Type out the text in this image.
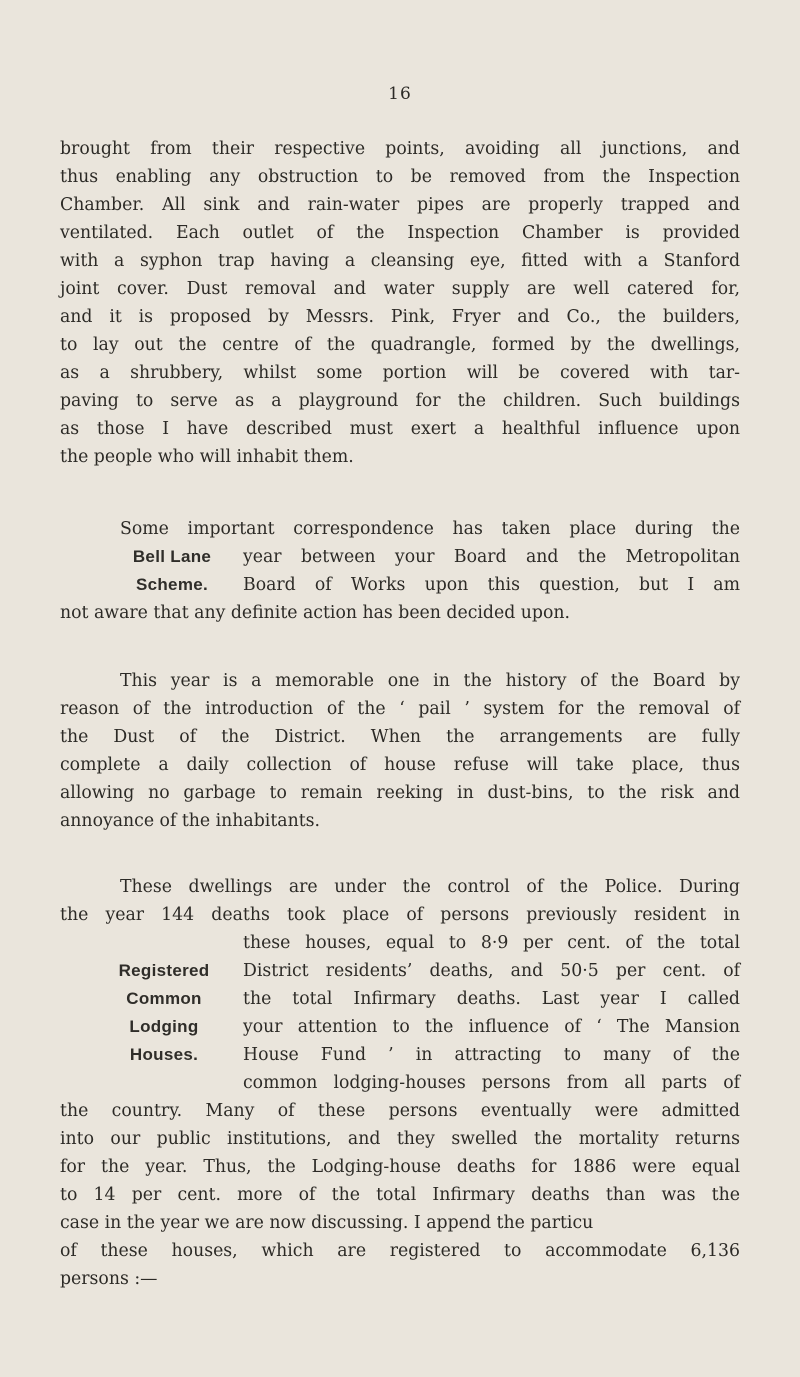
16
brought from their respective points, avoiding all junctions, and
thus enabling any obstruction to be removed from the Inspection
Chamber. All sink and rain-water pipes are properly trapped and
ventilated. Each outlet of the Inspection Chamber is provided
with a syphon trap having a cleansing eye, fitted with a Stanford
joint cover. Dust removal and water supply are well catered for,
and it is proposed by Messrs. Pink, Fryer and Co., the builders,
to lay out the centre of the quadrangle, formed by the dwellings,
as a shrubbery, whilst some portion will be covered with tar-
paving to serve as a playground for the children. Such buildings
as those I have described must exert a healthful influence upon
the people who will inhabit them.
Bell Lane
Scheme.
Some important correspondence has taken place during the
year between your Board and the Metropolitan
Board of Works upon this question, but I am
not aware that any definite action has been decided upon.
This year is a memorable one in the history of the Board by
reason of the introduction of the ‘ pail ’ system for the removal of
the Dust of the District. When the arrangements are fully
complete a daily collection of house refuse will take place, thus
allowing no garbage to remain reeking in dust-bins, to the risk and
annoyance of the inhabitants.
Registered
Common
Lodging
Houses.
These dwellings are under the control of the Police. During
the year 144 deaths took place of persons previously resident in
these houses, equal to 8·9 per cent. of the total
District residents’ deaths, and 50·5 per cent. of
the total Infirmary deaths. Last year I called
your attention to the influence of ‘ The Mansion
House Fund ’ in attracting to many of the
common lodging-houses persons from all parts of
the country. Many of these persons eventually were admitted
into our public institutions, and they swelled the mortality returns
for the year. Thus, the Lodging-house deaths for 1886 were equal
to 14 per cent. more of the total Infirmary deaths than was the
case in the year we are now discussing. I append the particu
of these houses, which are registered to accommodate 6,136
persons :—
